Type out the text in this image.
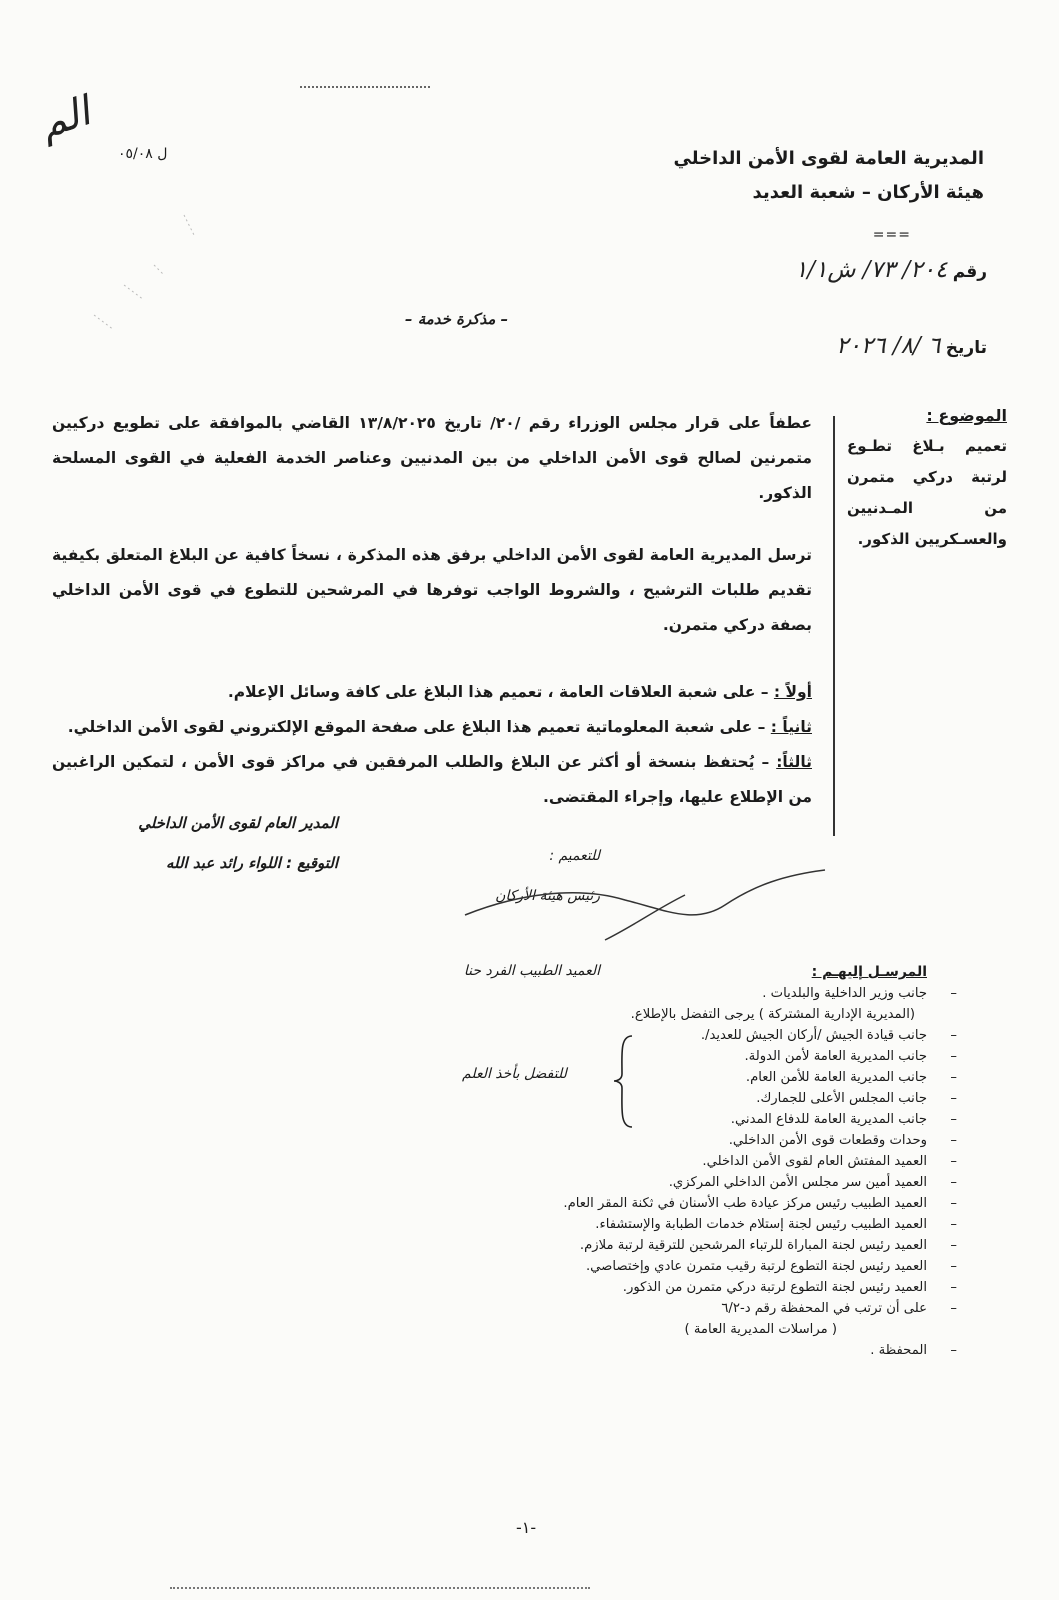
ل ٠٥/٠٨
الم
المديرية العامة لقوى الأمن الداخلي
هيئة الأركان – شعبة العديد
===
رقم ٢٠٤/ ٧٣/ ش١/١
تاريخ ٦ /٨/ ٢٠٢٦
– مذكرة خدمة –
الموضوع :
تعميم بـلاغ تطـوع لرتبة دركي متمرن من المـدنيين والعسـكريين الذكور.

عطفاً على قرار مجلس الوزراء رقم /٢٠/ تاريخ ١٣/٨/٢٠٢٥ القاضي بالموافقة على تطويع دركيين متمرنين لصالح قوى الأمن الداخلي من بين المدنيين وعناصر الخدمة الفعلية في القوى المسلحة الذكور.

ترسل المديرية العامة لقوى الأمن الداخلي برفق هذه المذكرة ، نسخاً كافية عن البلاغ المتعلق بكيفية تقديم طلبات الترشيح ، والشروط الواجب توفرها في المرشحين للتطوع في قوى الأمن الداخلي بصفة دركي متمرن.

أولاً : – على شعبة العلاقات العامة ، تعميم هذا البلاغ على كافة وسائل الإعلام.

ثانياً : – على شعبة المعلوماتية تعميم هذا البلاغ على صفحة الموقع الإلكتروني لقوى الأمن الداخلي.

ثالثاً: – يُحتفظ بنسخة أو أكثر عن البلاغ والطلب المرفقين في مراكز قوى الأمن ، لتمكين الراغبين من الإطلاع عليها، وإجراء المقتضى.

المدير العام لقوى الأمن الداخلي
التوقيع : اللواء رائد عبد الله	للتعميم :
رئيس هيئة الأركان
العميد الطبيب الفرد حنا	المرسـل إليهـم :
–
جانب وزير الداخلية والبلديات .
(المديرية الإدارية المشتركة ) يرجى التفضل بالإطلاع.
–
جانب قيادة الجيش /أركان الجيش للعديد/.
–
جانب المديرية العامة لأمن الدولة.
–
جانب المديرية العامة للأمن العام.
–
جانب المجلس الأعلى للجمارك.
–
جانب المديرية العامة للدفاع المدني.
–
وحدات وقطعات قوى الأمن الداخلي.
–
العميد المفتش العام لقوى الأمن الداخلي.
–
العميد أمين سر مجلس الأمن الداخلي المركزي.
–
العميد الطبيب رئيس مركز عيادة طب الأسنان في ثكنة المقر العام.
–
العميد الطبيب رئيس لجنة إستلام خدمات الطبابة والإستشفاء.
–
العميد رئيس لجنة المباراة للرتباء المرشحين للترقية لرتبة ملازم.
–
العميد رئيس لجنة التطوع لرتبة رقيب متمرن عادي وإختصاصي.
–
العميد رئيس لجنة التطوع لرتبة دركي متمرن من الذكور.
–
على أن ترتب في المحفظة رقم د-٦/٢
( مراسلات المديرية العامة )
–
المحفظة .
للتفضل بأخذ العلم
-١-
